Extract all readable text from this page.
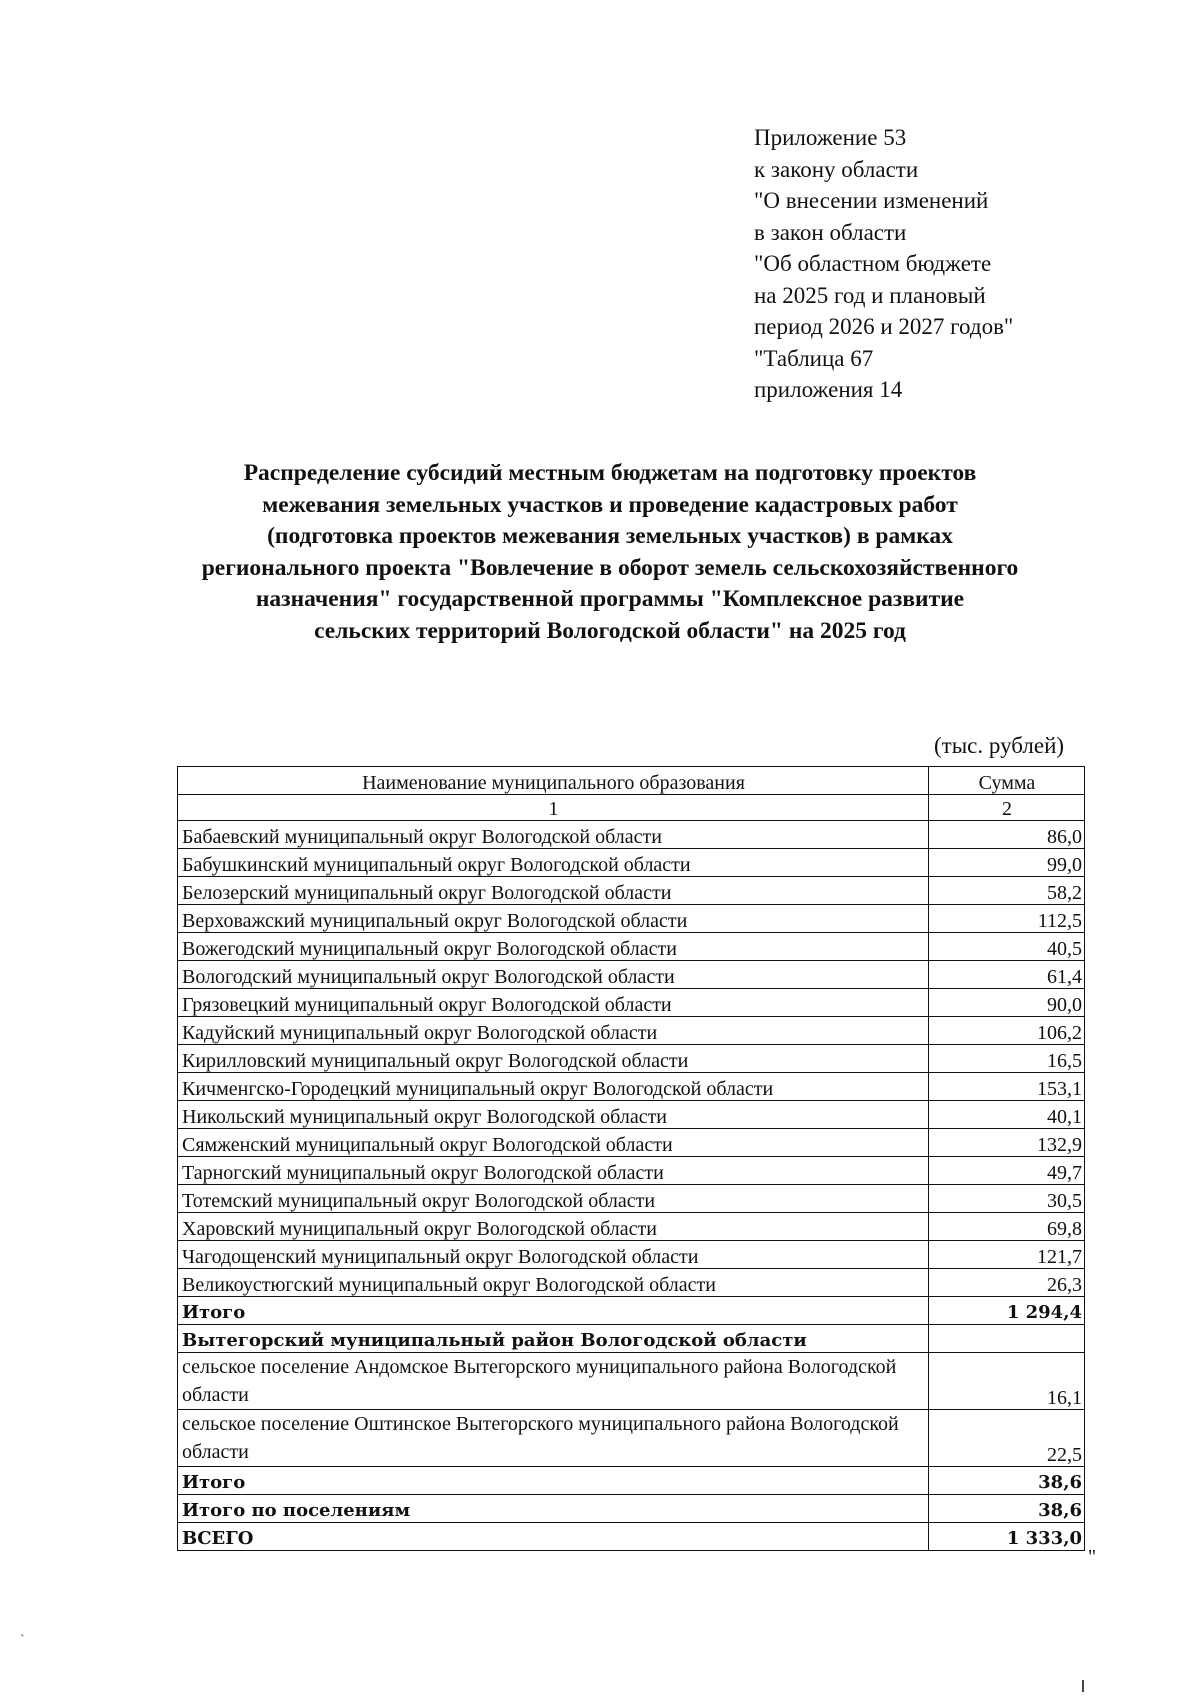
Приложение 53
к закону области
"О внесении изменений
в закон области
"Об областном бюджете
на 2025 год и плановый
период 2026 и 2027 годов"
"Таблица 67
приложения 14
Распределение субсидий местным бюджетам на подготовку проектов
межевания земельных участков и проведение кадастровых работ
(подготовка проектов межевания земельных участков) в рамках
регионального проекта "Вовлечение в оборот земель сельскохозяйственного
назначения" государственной программы "Комплексное развитие
сельских территорий Вологодской области" на 2025 год
(тыс. рублей)
Наименование муниципального образования	Сумма
1	2
Бабаевский муниципальный округ Вологодской области	86,0
Бабушкинский муниципальный округ Вологодской области	99,0
Белозерский муниципальный округ Вологодской области	58,2
Верховажский муниципальный округ Вологодской области	112,5
Вожегодский муниципальный округ Вологодской области	40,5
Вологодский муниципальный округ Вологодской области	61,4
Грязовецкий муниципальный округ Вологодской области	90,0
Кадуйский муниципальный округ Вологодской области	106,2
Кирилловский муниципальный округ Вологодской области	16,5
Кичменгско-Городецкий муниципальный округ Вологодской области	153,1
Никольский муниципальный округ Вологодской области	40,1
Сямженский муниципальный округ Вологодской области	132,9
Тарногский муниципальный округ Вологодской области	49,7
Тотемский муниципальный округ Вологодской области	30,5
Харовский муниципальный округ Вологодской области	69,8
Чагодощенский муниципальный округ Вологодской области	121,7
Великоустюгский муниципальный округ Вологодской области	26,3
Итого	1 294,4
Вытегорский муниципальный район Вологодской области	
сельское поселение Андомское Вытегорского муниципального района Вологодской области	16,1
сельское поселение Оштинское Вытегорского муниципального района Вологодской области	22,5
Итого	38,6
Итого по поселениям	38,6
ВСЕГО	1 333,0
"
`
